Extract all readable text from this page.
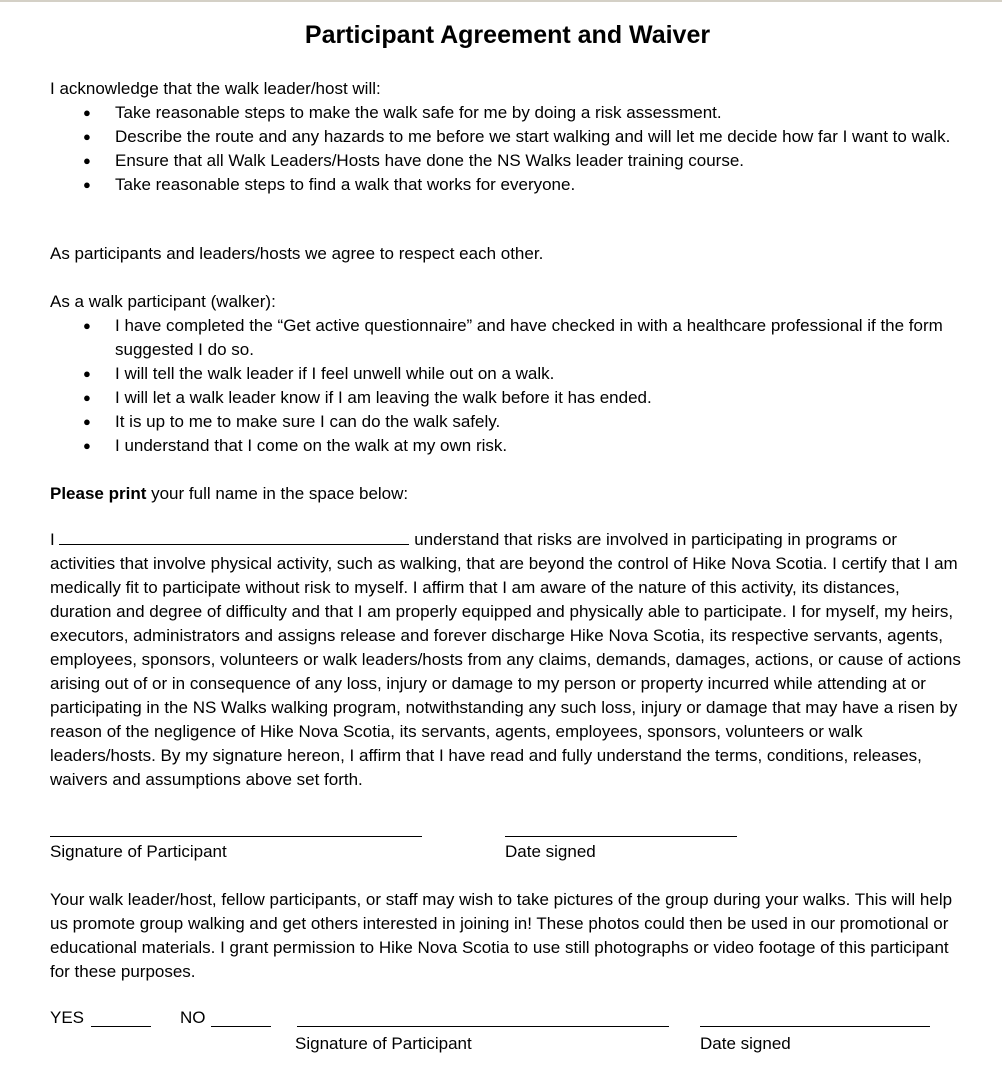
Participant Agreement and Waiver

I acknowledge that the walk leader/host will:

● Take reasonable steps to make the walk safe for me by doing a risk assessment.
● Describe the route and any hazards to me before we start walking and will let me decide how far I want to walk.
● Ensure that all Walk Leaders/Hosts have done the NS Walks leader training course.
● Take reasonable steps to find a walk that works for everyone.

As participants and leaders/hosts we agree to respect each other.

As a walk participant (walker):

● I have completed the “Get active questionnaire” and have checked in with a healthcare professional if the form suggested I do so.
● I will tell the walk leader if I feel unwell while out on a walk.
● I will let a walk leader know if I am leaving the walk before it has ended.
● It is up to me to make sure I can do the walk safely.
● I understand that I come on the walk at my own risk.

Please print your full name in the space below:

I	understand that risks are involved in participating in programs or activities that involve physical activity, such as walking, that are beyond the control of Hike Nova Scotia. I certify that I am medically fit to participate without risk to myself. I affirm that I am aware of the nature of this activity, its distances, duration and degree of difficulty and that I am properly equipped and physically able to participate. I for myself, my heirs, executors, administrators and assigns release and forever discharge Hike Nova Scotia, its respective servants, agents, employees, sponsors, volunteers or walk leaders/hosts from any claims, demands, damages, actions, or cause of actions arising out of or in consequence of any loss, injury or damage to my person or property incurred while attending at or participating in the NS Walks walking program, notwithstanding any such loss, injury or damage that may have a risen by reason of the negligence of Hike Nova Scotia, its servants, agents, employees, sponsors, volunteers or walk leaders/hosts. By my signature hereon, I affirm that I have read and fully understand the terms, conditions, releases, waivers and assumptions above set forth.

Signature of Participant	Date signed

Your walk leader/host, fellow participants, or staff may wish to take pictures of the group during your walks. This will help us promote group walking and get others interested in joining in! These photos could then be used in our promotional or educational materials. I grant permission to Hike Nova Scotia to use still photographs or video footage of this participant for these purposes.

YES	NO
Signature of Participant	Date signed
